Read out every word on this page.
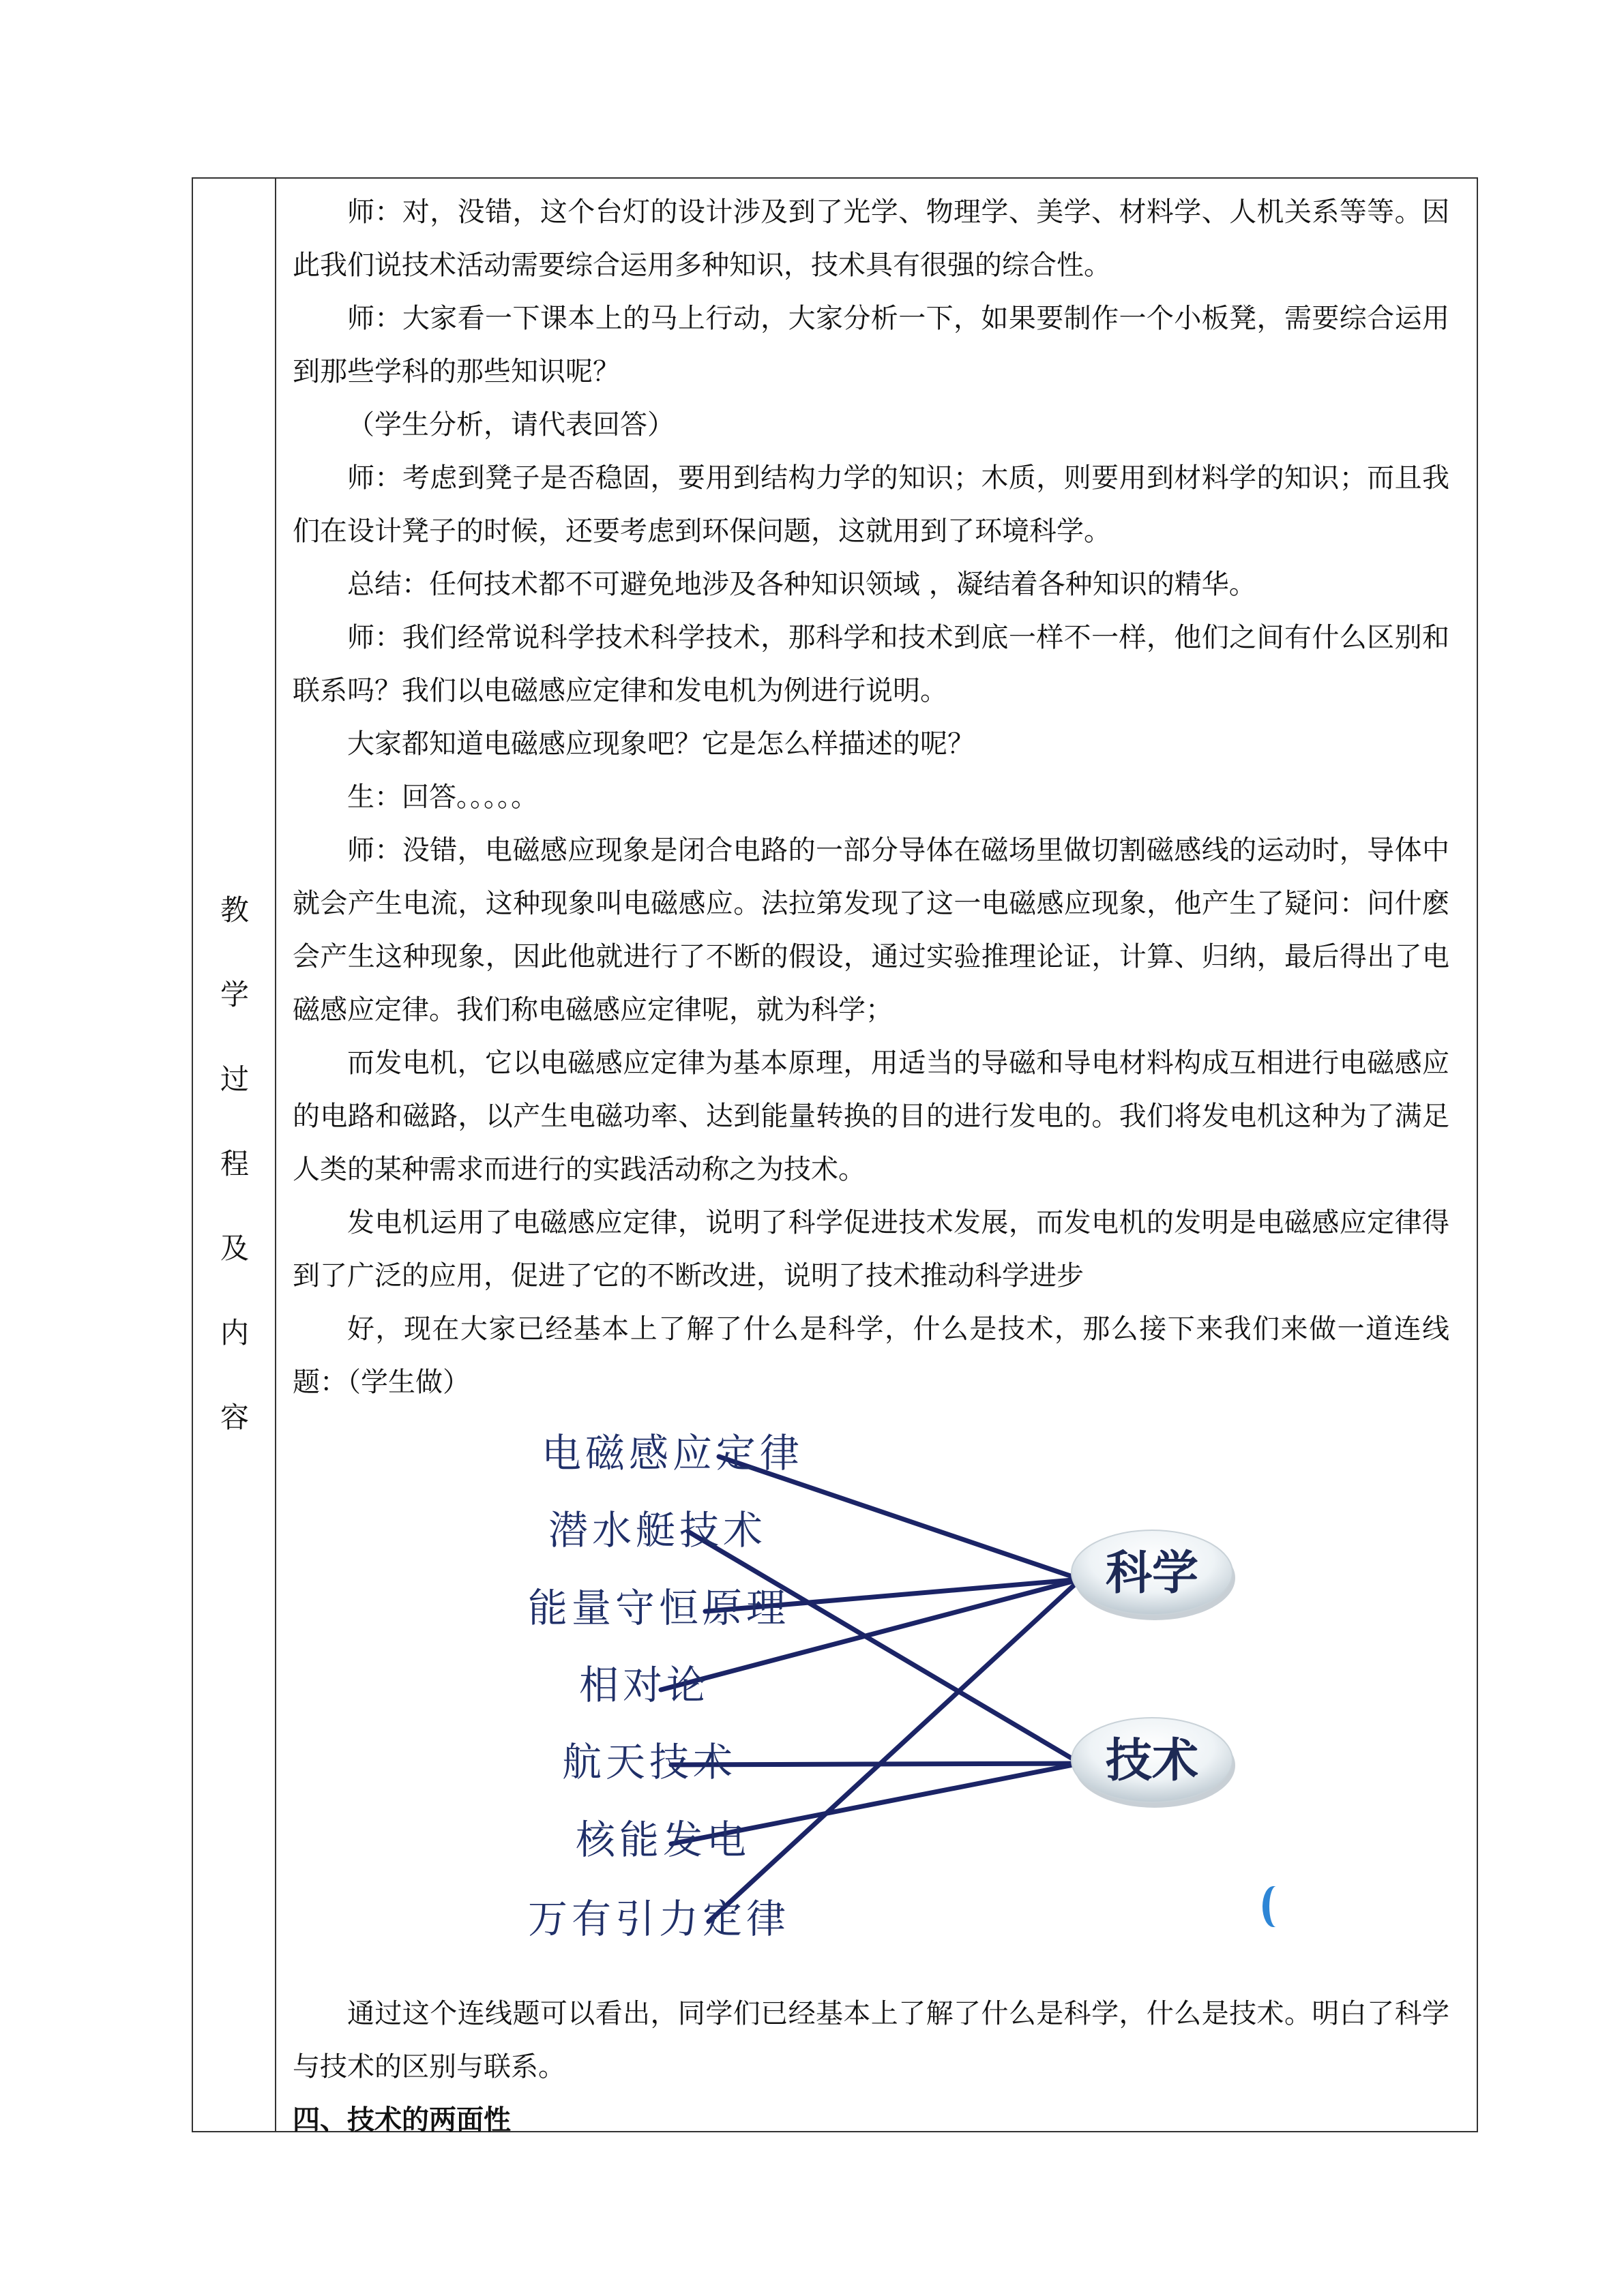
教
学
过
程
及
内
容

师：对，没错，这个台灯的设计涉及到了光学、物理学、美学、材料学、人机关系等等。因此我们说技术活动需要综合运用多种知识，技术具有很强的综合性。

师：大家看一下课本上的马上行动，大家分析一下，如果要制作一个小板凳，需要综合运用到那些学科的那些知识呢？

（学生分析，请代表回答）

师：考虑到凳子是否稳固，要用到结构力学的知识；木质，则要用到材料学的知识；而且我们在设计凳子的时候，还要考虑到环保问题，这就用到了环境科学。

总结：任何技术都不可避免地涉及各种知识领域 ，凝结着各种知识的精华。

师：我们经常说科学技术科学技术，那科学和技术到底一样不一样，他们之间有什么区别和联系吗？我们以电磁感应定律和发电机为例进行说明。

大家都知道电磁感应现象吧？它是怎么样描述的呢？

生：回答。。。。。

师：没错，电磁感应现象是闭合电路的一部分导体在磁场里做切割磁感线的运动时，导体中就会产生电流，这种现象叫电磁感应。法拉第发现了这一电磁感应现象，他产生了疑问：问什麽会产生这种现象，因此他就进行了不断的假设，通过实验推理论证，计算、归纳，最后得出了电磁感应定律。我们称电磁感应定律呢，就为科学；

而发电机，它以电磁感应定律为基本原理，用适当的导磁和导电材料构成互相进行电磁感应的电路和磁路，以产生电磁功率、达到能量转换的目的进行发电的。我们将发电机这种为了满足人类的某种需求而进行的实践活动称之为技术。

发电机运用了电磁感应定律，说明了科学促进技术发展，而发电机的发明是电磁感应定律得到了广泛的应用，促进了它的不断改进，说明了技术推动科学进步

好，现在大家已经基本上了解了什么是科学，什么是技术，那么接下来我们来做一道连线题：（学生做）

电磁感应定律
潜水艇技术
能量守恒原理
相对论
航天技术
核能发电
万有引力定律
科学
技术

通过这个连线题可以看出，同学们已经基本上了解了什么是科学，什么是技术。明白了科学与技术的区别与联系。

四、技术的两面性
